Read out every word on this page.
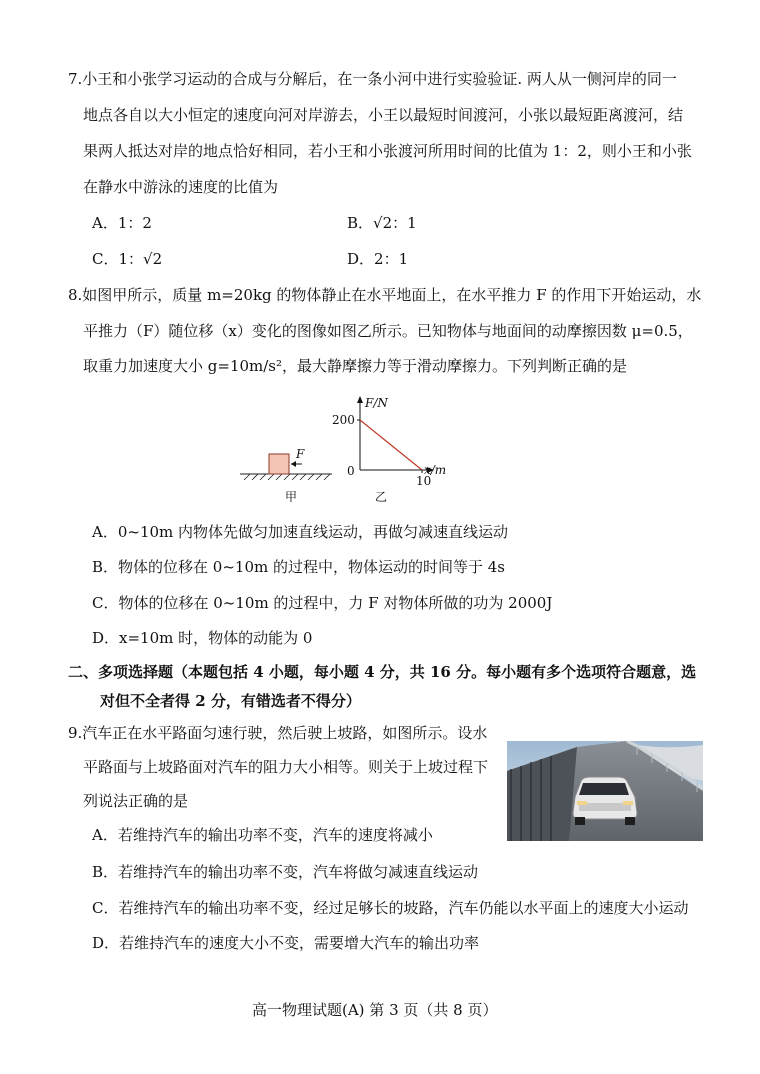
7.小王和小张学习运动的合成与分解后，在一条小河中进行实验验证. 两人从一侧河岸的同一
地点各自以大小恒定的速度向河对岸游去，小王以最短时间渡河，小张以最短距离渡河，结
果两人抵达对岸的地点恰好相同，若小王和小张渡河所用时间的比值为 1：2，则小王和小张
在静水中游泳的速度的比值为
A．1：2	B．√2：1
C．1：√2	D．2：1
8.如图甲所示，质量 m=20kg 的物体静止在水平地面上，在水平推力 F 的作用下开始运动，水
平推力（F）随位移（x）变化的图像如图乙所示。已知物体与地面间的动摩擦因数 μ=0.5，
取重力加速度大小 g=10m/s²，最大静摩擦力等于滑动摩擦力。下列判断正确的是
F
甲
F/N
x/m
200
0
10
乙
A．0~10m 内物体先做匀加速直线运动，再做匀减速直线运动
B．物体的位移在 0~10m 的过程中，物体运动的时间等于 4s
C．物体的位移在 0~10m 的过程中，力 F 对物体所做的功为 2000J
D．x=10m 时，物体的动能为 0
二、多项选择题（本题包括 4 小题，每小题 4 分，共 16 分。每小题有多个选项符合题意，选
对但不全者得 2 分，有错选者不得分）
9.汽车正在水平路面匀速行驶，然后驶上坡路，如图所示。设水
平路面与上坡路面对汽车的阻力大小相等。则关于上坡过程下
列说法正确的是
A．若维持汽车的输出功率不变，汽车的速度将减小
B．若维持汽车的输出功率不变，汽车将做匀减速直线运动
C．若维持汽车的输出功率不变，经过足够长的坡路，汽车仍能以水平面上的速度大小运动
D．若维持汽车的速度大小不变，需要增大汽车的输出功率
高一物理试题(A) 第 3 页（共 8 页）
